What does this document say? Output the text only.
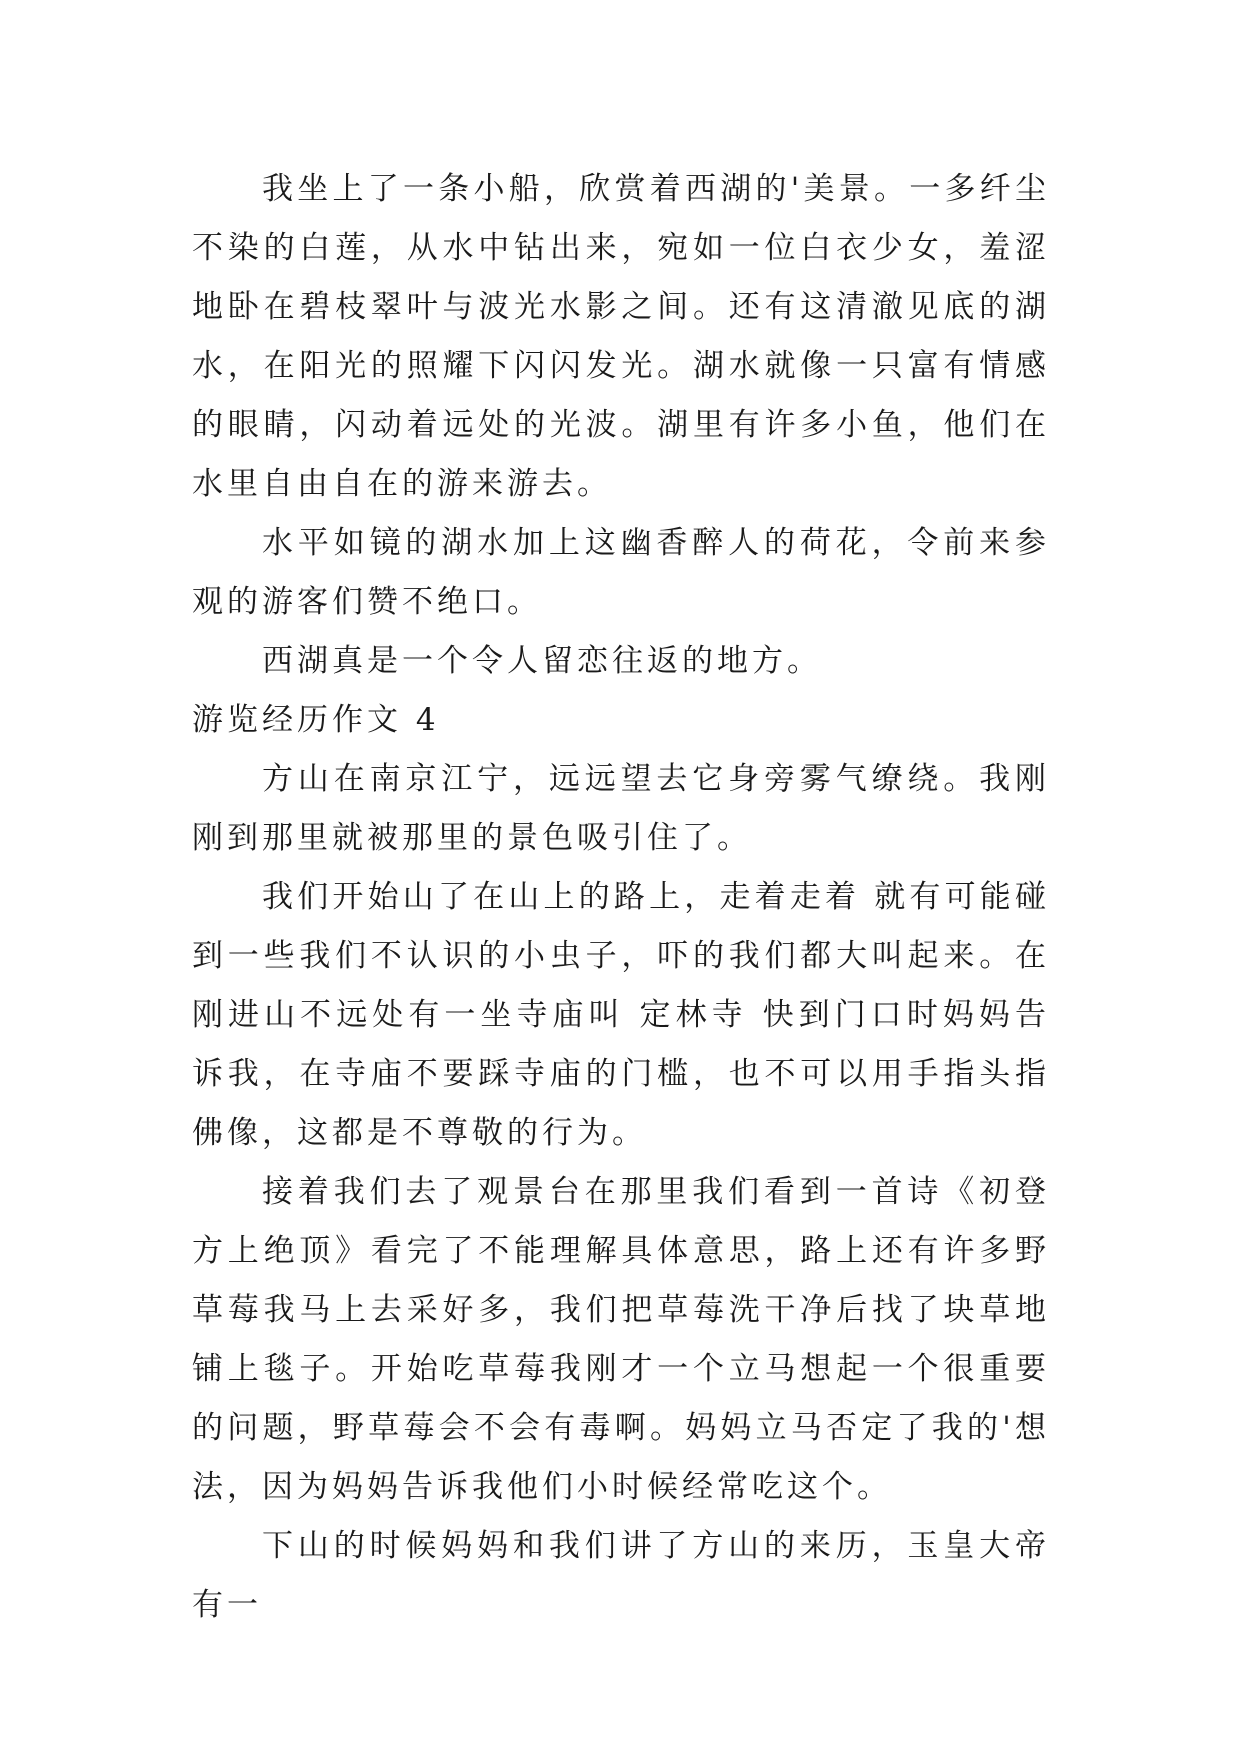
我坐上了一条小船，欣赏着西湖的'美景。一多纤尘不染的白莲，从水中钻出来，宛如一位白衣少女，羞涩地卧在碧枝翠叶与波光水影之间。还有这清澈见底的湖水，在阳光的照耀下闪闪发光。湖水就像一只富有情感的眼睛，闪动着远处的光波。湖里有许多小鱼，他们在水里自由自在的游来游去。

水平如镜的湖水加上这幽香醉人的荷花，令前来参观的游客们赞不绝口。

西湖真是一个令人留恋往返的地方。

游览经历作文 4

方山在南京江宁，远远望去它身旁雾气缭绕。我刚刚到那里就被那里的景色吸引住了。

我们开始山了在山上的路上，走着走着 就有可能碰到一些我们不认识的小虫子，吓的我们都大叫起来。在刚进山不远处有一坐寺庙叫 定林寺 快到门口时妈妈告诉我，在寺庙不要踩寺庙的门槛，也不可以用手指头指佛像，这都是不尊敬的行为。

接着我们去了观景台在那里我们看到一首诗《初登方上绝顶》看完了不能理解具体意思，路上还有许多野草莓我马上去采好多，我们把草莓洗干净后找了块草地铺上毯子。开始吃草莓我刚才一个立马想起一个很重要的问题，野草莓会不会有毒啊。妈妈立马否定了我的'想法，因为妈妈告诉我他们小时候经常吃这个。

下山的时候妈妈和我们讲了方山的来历，玉皇大帝有一
